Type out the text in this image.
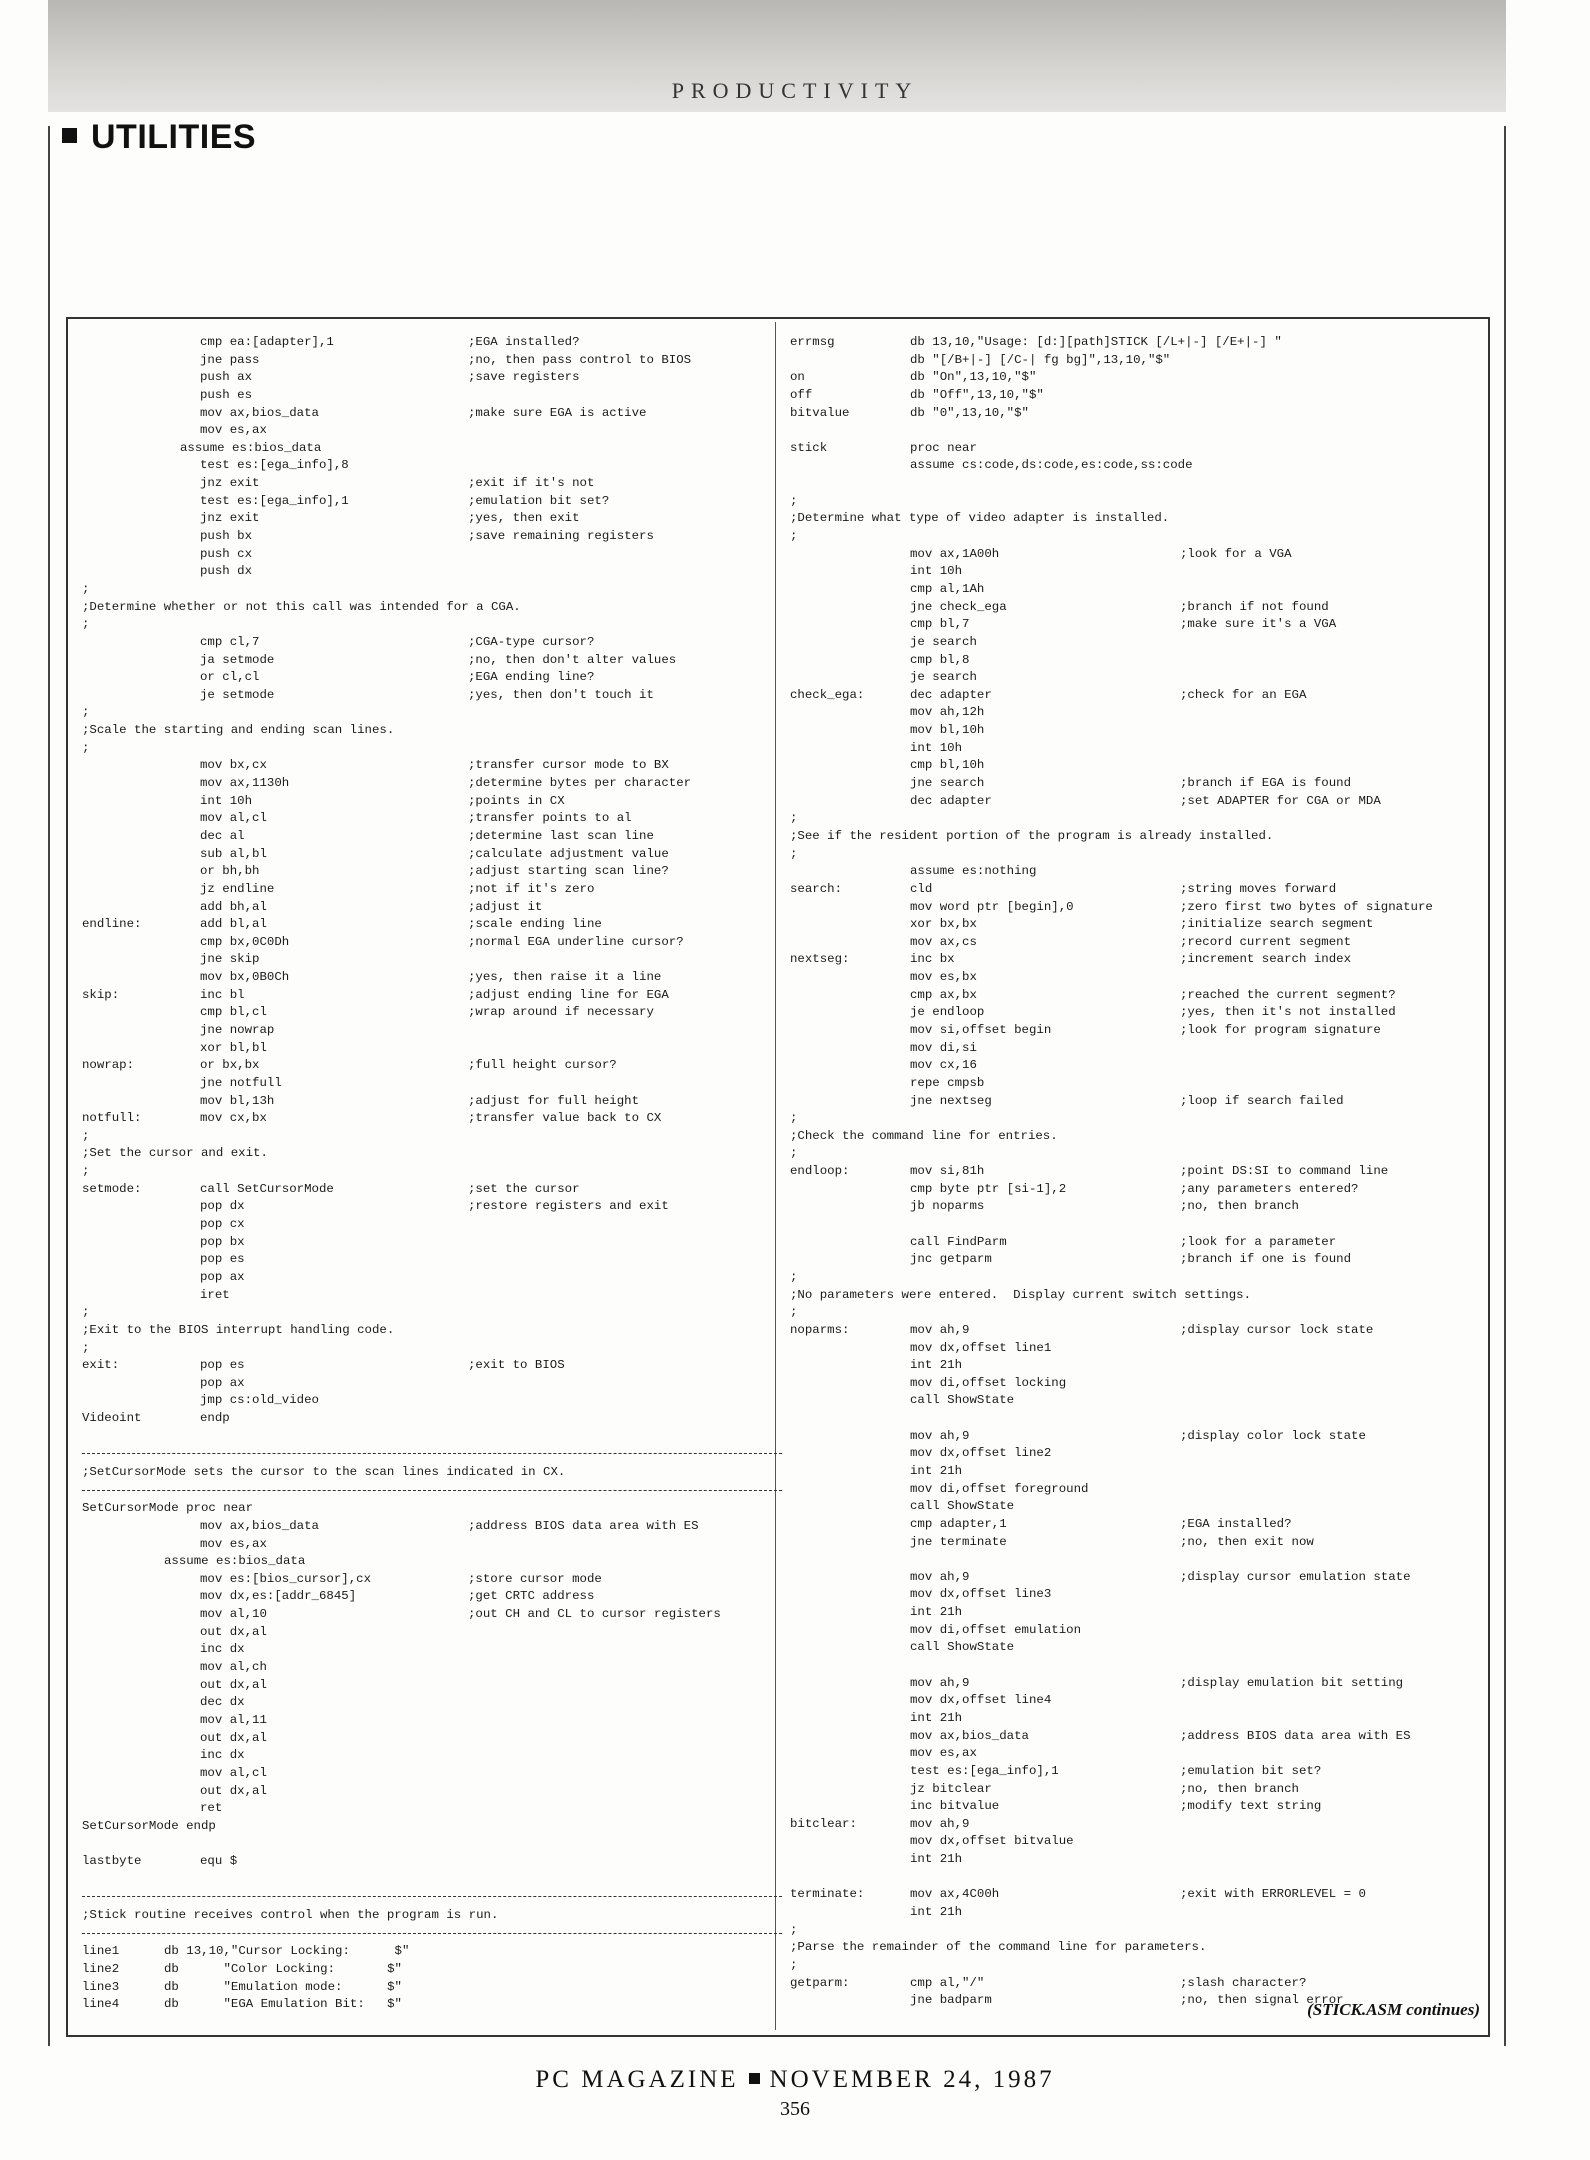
PRODUCTIVITY
UTILITIES
cmp ea:[adapter],1	;EGA installed?
jne pass	;no, then pass control to BIOS
push ax	;save registers
push es
mov ax,bios_data	;make sure EGA is active
mov es,ax
assume es:bios_data
test es:[ega_info],8
jnz exit	;exit if it's not
test es:[ega_info],1	;emulation bit set?
jnz exit	;yes, then exit
push bx	;save remaining registers
push cx
push dx
;
;Determine whether or not this call was intended for a CGA.
;
cmp cl,7	;CGA-type cursor?
ja setmode	;no, then don't alter values
or cl,cl	;EGA ending line?
je setmode	;yes, then don't touch it
;
;Scale the starting and ending scan lines.
;
mov bx,cx	;transfer cursor mode to BX
mov ax,1130h	;determine bytes per character
int 10h	;points in CX
mov al,cl	;transfer points to al
dec al	;determine last scan line
sub al,bl	;calculate adjustment value
or bh,bh	;adjust starting scan line?
jz endline	;not if it's zero
add bh,al	;adjust it
endline:	add bl,al	;scale ending line
cmp bx,0C0Dh	;normal EGA underline cursor?
jne skip
mov bx,0B0Ch	;yes, then raise it a line
skip:	inc bl	;adjust ending line for EGA
cmp bl,cl	;wrap around if necessary
jne nowrap
xor bl,bl
nowrap:	or bx,bx	;full height cursor?
jne notfull
mov bl,13h	;adjust for full height
notfull:	mov cx,bx	;transfer value back to CX
;
;Set the cursor and exit.
;
setmode:	call SetCursorMode	;set the cursor
pop dx	;restore registers and exit
pop cx
pop bx
pop es
pop ax
iret
;
;Exit to the BIOS interrupt handling code.
;
exit:	pop es	;exit to BIOS
pop ax
jmp cs:old_video
Videoint	endp
;SetCursorMode sets the cursor to the scan lines indicated in CX.
SetCursorMode proc near
mov ax,bios_data	;address BIOS data area with ES
mov es,ax
assume es:bios_data
mov es:[bios_cursor],cx	;store cursor mode
mov dx,es:[addr_6845]	;get CRTC address
mov al,10	;out CH and CL to cursor registers
out dx,al
inc dx
mov al,ch
out dx,al
dec dx
mov al,11
out dx,al
inc dx
mov al,cl
out dx,al
ret
SetCursorMode endp
lastbyte	equ $
;Stick routine receives control when the program is run.
line1	db 13,10,"Cursor Locking:      $"
line2	db      "Color Locking:       $"
line3	db      "Emulation mode:      $"
line4	db      "EGA Emulation Bit:   $"
errmsg	db 13,10,"Usage: [d:][path]STICK [/L+|-] [/E+|-] "
db "[/B+|-] [/C-| fg bg]",13,10,"$"
on	db "On",13,10,"$"
off	db "Off",13,10,"$"
bitvalue	db "0",13,10,"$"
stick	proc near
assume cs:code,ds:code,es:code,ss:code
;
;Determine what type of video adapter is installed.
;
mov ax,1A00h	;look for a VGA
int 10h
cmp al,1Ah
jne check_ega	;branch if not found
cmp bl,7	;make sure it's a VGA
je search
cmp bl,8
je search
check_ega:	dec adapter	;check for an EGA
mov ah,12h
mov bl,10h
int 10h
cmp bl,10h
jne search	;branch if EGA is found
dec adapter	;set ADAPTER for CGA or MDA
;
;See if the resident portion of the program is already installed.
;
assume es:nothing
search:	cld	;string moves forward
mov word ptr [begin],0	;zero first two bytes of signature
xor bx,bx	;initialize search segment
mov ax,cs	;record current segment
nextseg:	inc bx	;increment search index
mov es,bx
cmp ax,bx	;reached the current segment?
je endloop	;yes, then it's not installed
mov si,offset begin	;look for program signature
mov di,si
mov cx,16
repe cmpsb
jne nextseg	;loop if search failed
;
;Check the command line for entries.
;
endloop:	mov si,81h	;point DS:SI to command line
cmp byte ptr [si-1],2	;any parameters entered?
jb noparms	;no, then branch
call FindParm	;look for a parameter
jnc getparm	;branch if one is found
;
;No parameters were entered.  Display current switch settings.
;
noparms:	mov ah,9	;display cursor lock state
mov dx,offset line1
int 21h
mov di,offset locking
call ShowState
mov ah,9	;display color lock state
mov dx,offset line2
int 21h
mov di,offset foreground
call ShowState
cmp adapter,1	;EGA installed?
jne terminate	;no, then exit now
mov ah,9	;display cursor emulation state
mov dx,offset line3
int 21h
mov di,offset emulation
call ShowState
mov ah,9	;display emulation bit setting
mov dx,offset line4
int 21h
mov ax,bios_data	;address BIOS data area with ES
mov es,ax
test es:[ega_info],1	;emulation bit set?
jz bitclear	;no, then branch
inc bitvalue	;modify text string
bitclear:	mov ah,9
mov dx,offset bitvalue
int 21h
terminate:	mov ax,4C00h	;exit with ERRORLEVEL = 0
int 21h
;
;Parse the remainder of the command line for parameters.
;
getparm:	cmp al,"/"	;slash character?
jne badparm	;no, then signal error
(STICK.ASM continues)
PC MAGAZINE NOVEMBER 24, 1987
356
